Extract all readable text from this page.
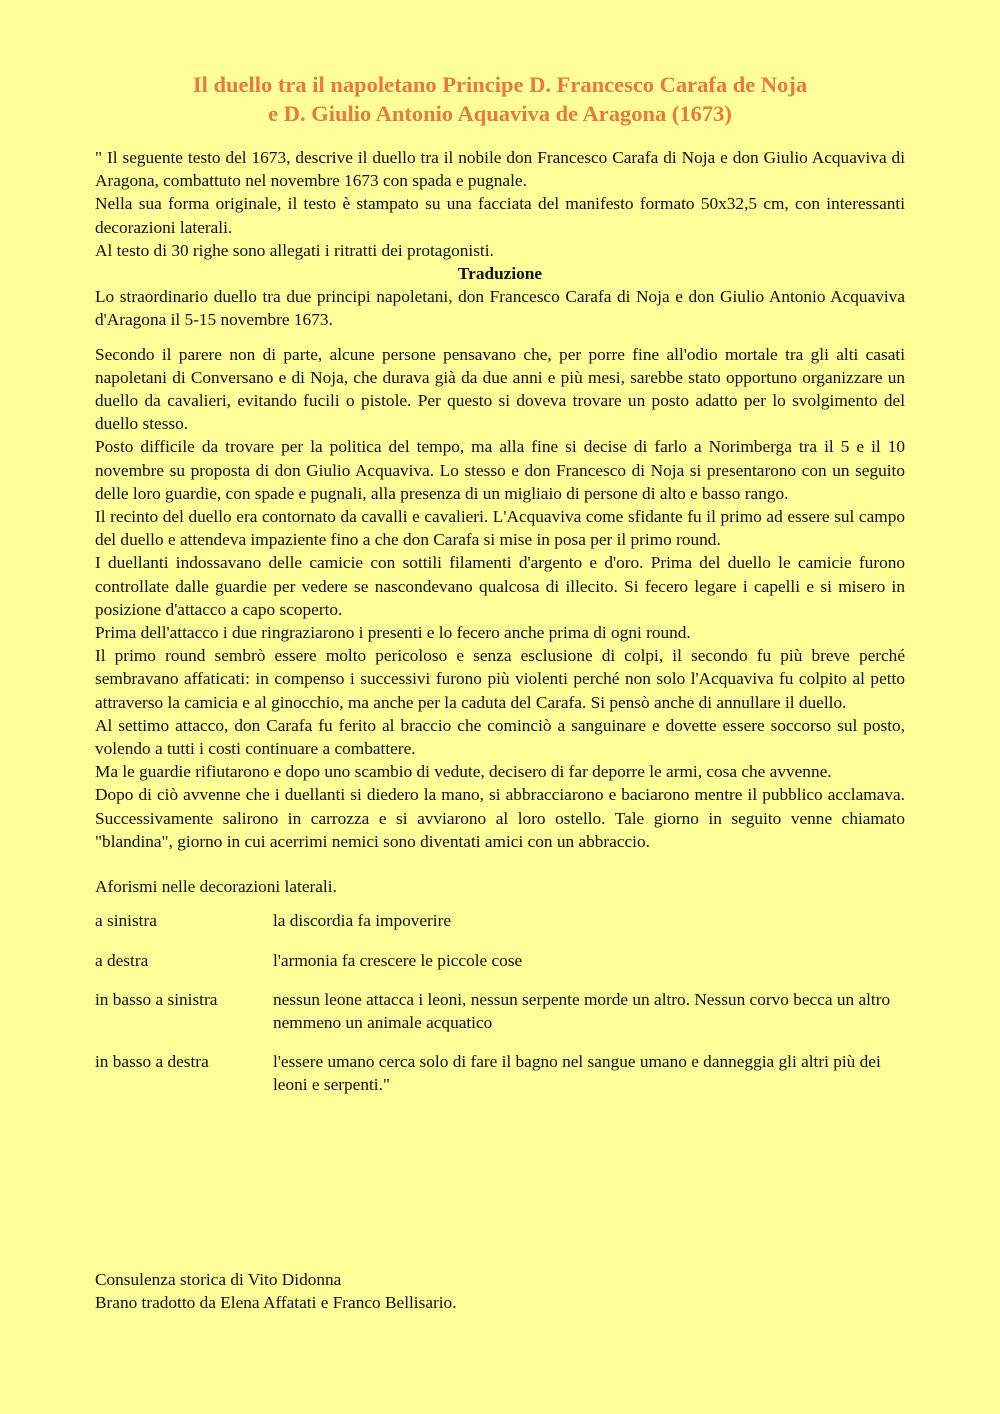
Il duello tra il napoletano Principe D. Francesco Carafa de Noja
e D. Giulio Antonio Aquaviva de Aragona (1673)

" Il seguente testo del 1673, descrive il duello tra il nobile don Francesco Carafa di Noja e don Giulio Acquaviva di Aragona, combattuto nel novembre 1673 con spada e pugnale.

Nella sua forma originale, il testo è stampato su una facciata del manifesto formato 50x32,5 cm, con interessanti decorazioni laterali.

Al testo di 30 righe sono allegati i ritratti dei protagonisti.

Traduzione

Lo straordinario duello tra due principi napoletani, don Francesco Carafa di Noja e don Giulio Antonio Acquaviva d'Aragona il 5-15 novembre 1673.

Secondo il parere non di parte, alcune persone pensavano che, per porre fine all'odio mortale tra gli alti casati napoletani di Conversano e di Noja, che durava già da due anni e più mesi, sarebbe stato opportuno organizzare un duello da cavalieri, evitando fucili o pistole. Per questo si doveva trovare un posto adatto per lo svolgimento del duello stesso.

Posto difficile da trovare per la politica del tempo, ma alla fine si decise di farlo a Norimberga tra il 5 e il 10 novembre su proposta di don Giulio Acquaviva. Lo stesso e don Francesco di Noja si presentarono con un seguito delle loro guardie, con spade e pugnali, alla presenza di un migliaio di persone di alto e basso rango.

Il recinto del duello era contornato da cavalli e cavalieri. L'Acquaviva come sfidante fu il primo ad essere sul campo del duello e attendeva impaziente fino a che don Carafa si mise in posa per il primo round.

I duellanti indossavano delle camicie con sottili filamenti d'argento e d'oro. Prima del duello le camicie furono controllate dalle guardie per vedere se nascondevano qualcosa di illecito. Si fecero legare i capelli e si misero in posizione d'attacco a capo scoperto.

Prima dell'attacco i due ringraziarono i presenti e lo fecero anche prima di ogni round.

Il primo round sembrò essere molto pericoloso e senza esclusione di colpi, il secondo fu più breve perché sembravano affaticati: in compenso i successivi furono più violenti perché non solo l'Acquaviva fu colpito al petto attraverso la camicia e al ginocchio, ma anche per la caduta del Carafa. Si pensò anche di annullare il duello.

Al settimo attacco, don Carafa fu ferito al braccio che cominciò a sanguinare e dovette essere soccorso sul posto, volendo a tutti i costi continuare a combattere.

Ma le guardie rifiutarono e dopo uno scambio di vedute, decisero di far deporre le armi, cosa che avvenne.

Dopo di ciò avvenne che i duellanti si diedero la mano, si abbracciarono e baciarono mentre il pubblico acclamava. Successivamente salirono in carrozza e si avviarono al loro ostello. Tale giorno in seguito venne chiamato "blandina", giorno in cui acerrimi nemici sono diventati amici con un abbraccio.

Aforismi nelle decorazioni laterali.

a sinistra	la discordia fa impoverire
a destra	l'armonia fa crescere le piccole cose
in basso a sinistra	nessun leone attacca i leoni, nessun serpente morde un altro. Nessun corvo becca un altro nemmeno un animale acquatico
in basso a destra	l'essere umano cerca solo di fare il bagno nel sangue umano e danneggia gli altri più dei leoni e serpenti."
Consulenza storica di Vito Didonna
Brano tradotto da Elena Affatati e Franco Bellisario.
